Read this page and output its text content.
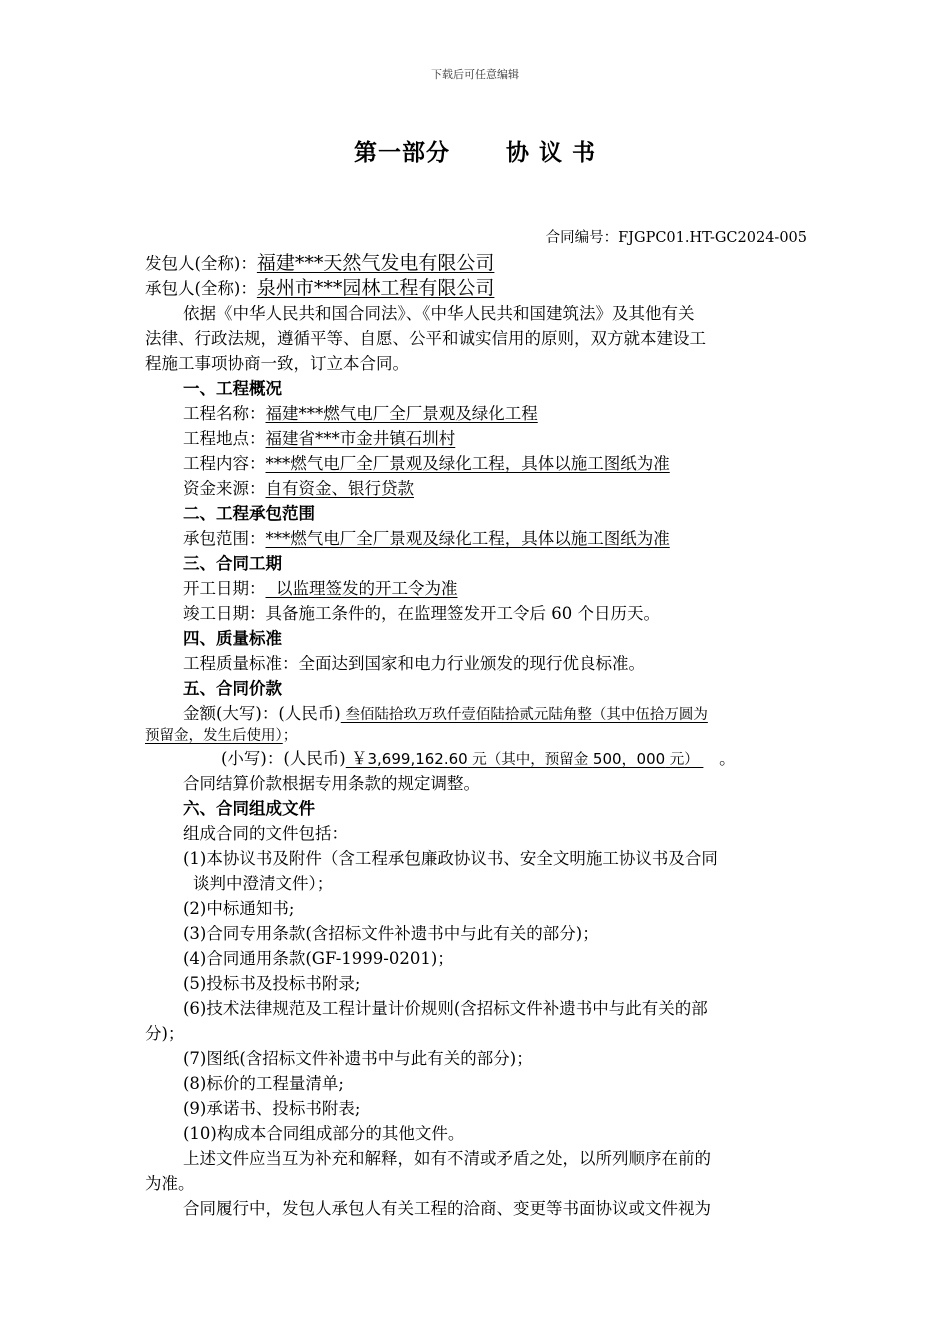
下载后可任意编辑
第一部分 协 议 书
合同编号：FJGPC01.HT-GC2024-005
发包人(全称)：福建***天然气发电有限公司
承包人(全称)：泉州市***园林工程有限公司
依据《中华人民共和国合同法》、《中华人民共和国建筑法》及其他有关
法律、行政法规，遵循平等、自愿、公平和诚实信用的原则，双方就本建设工
程施工事项协商一致，订立本合同。
一、工程概况
工程名称：福建***燃气电厂全厂景观及绿化工程
工程地点：福建省***市金井镇石圳村
工程内容：***燃气电厂全厂景观及绿化工程，具体以施工图纸为准
资金来源：自有资金、银行贷款
二、工程承包范围
承包范围：***燃气电厂全厂景观及绿化工程，具体以施工图纸为准
三、合同工期
开工日期：  以监理签发的开工令为准
竣工日期：具备施工条件的，在监理签发开工令后 60 个日历天。
四、质量标准
工程质量标准：全面达到国家和电力行业颁发的现行优良标准。
五、合同价款
金额(大写)：(人民币) 叁佰陆拾玖万玖仟壹佰陆拾贰元陆角整（其中伍拾万圆为
预留金，发生后使用）；
(小写)：(人民币) ￥3,699,162.60 元（其中，预留金 500，000 元）    。
合同结算价款根据专用条款的规定调整。
六、合同组成文件
组成合同的文件包括：
(1)本协议书及附件（含工程承包廉政协议书、安全文明施工协议书及合同
谈判中澄清文件）；
(2)中标通知书;
(3)合同专用条款(含招标文件补遗书中与此有关的部分)；
(4)合同通用条款(GF-1999-0201)；
(5)投标书及投标书附录;
(6)技术法律规范及工程计量计价规则(含招标文件补遗书中与此有关的部
分)；
(7)图纸(含招标文件补遗书中与此有关的部分)；
(8)标价的工程量清单;
(9)承诺书、投标书附表;
(10)构成本合同组成部分的其他文件。
上述文件应当互为补充和解释，如有不清或矛盾之处，以所列顺序在前的
为准。
合同履行中，发包人承包人有关工程的洽商、变更等书面协议或文件视为
